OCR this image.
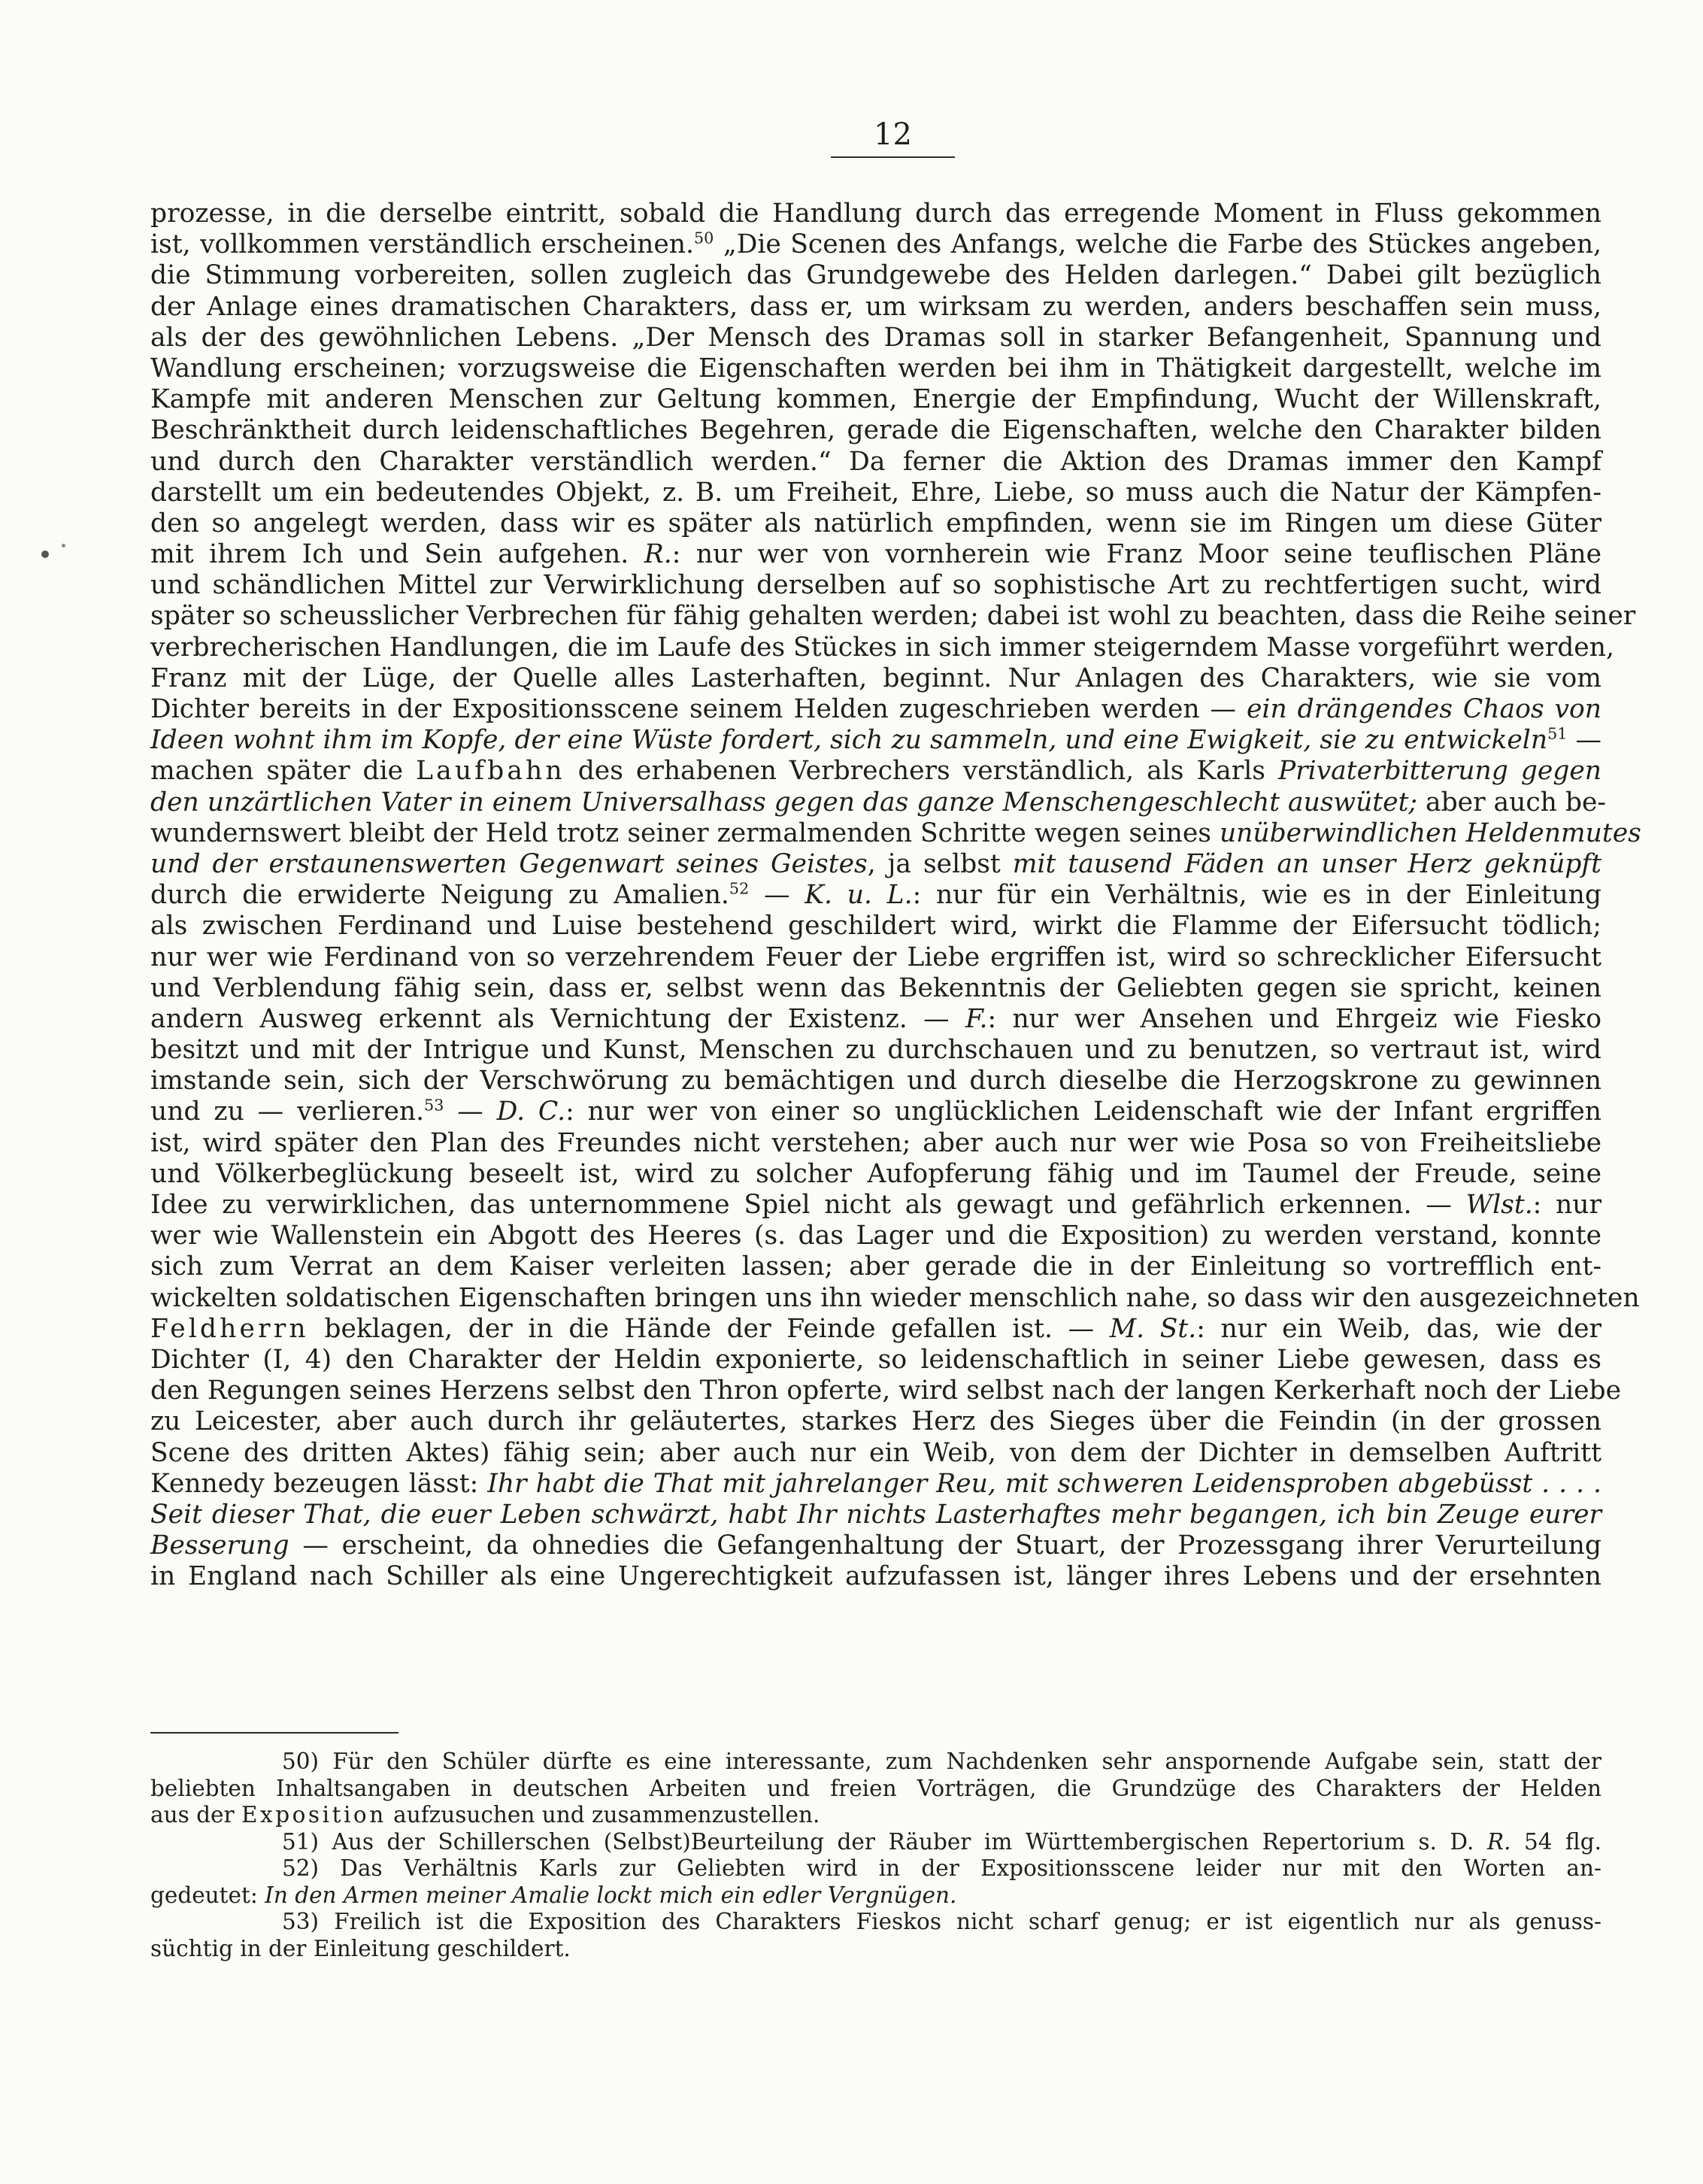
12
prozesse, in die derselbe eintritt, sobald die Handlung durch das erregende Moment in Fluss gekommen
ist, vollkommen verständlich erscheinen.$^{50}$ „Die Scenen des Anfangs, welche die Farbe des Stückes angeben,
die Stimmung vorbereiten, sollen zugleich das Grundgewebe des Helden darlegen.“ Dabei gilt bezüglich
der Anlage eines dramatischen Charakters, dass er, um wirksam zu werden, anders beschaffen sein muss,
als der des gewöhnlichen Lebens. „Der Mensch des Dramas soll in starker Befangenheit, Spannung und
Wandlung erscheinen; vorzugsweise die Eigenschaften werden bei ihm in Thätigkeit dargestellt, welche im
Kampfe mit anderen Menschen zur Geltung kommen, Energie der Empfindung, Wucht der Willenskraft,
Beschränktheit durch leidenschaftliches Begehren, gerade die Eigenschaften, welche den Charakter bilden
und durch den Charakter verständlich werden.“ Da ferner die Aktion des Dramas immer den Kampf
darstellt um ein bedeutendes Objekt, z. B. um Freiheit, Ehre, Liebe, so muss auch die Natur der Kämpfen-
den so angelegt werden, dass wir es später als natürlich empfinden, wenn sie im Ringen um diese Güter
mit ihrem Ich und Sein aufgehen. R.: nur wer von vornherein wie Franz Moor seine teuflischen Pläne
und schändlichen Mittel zur Verwirklichung derselben auf so sophistische Art zu rechtfertigen sucht, wird
später so scheusslicher Verbrechen für fähig gehalten werden; dabei ist wohl zu beachten, dass die Reihe seiner
verbrecherischen Handlungen, die im Laufe des Stückes in sich immer steigerndem Masse vorgeführt werden,
Franz mit der Lüge, der Quelle alles Lasterhaften, beginnt. Nur Anlagen des Charakters, wie sie vom
Dichter bereits in der Expositionsscene seinem Helden zugeschrieben werden — ein drängendes Chaos von
Ideen wohnt ihm im Kopfe, der eine Wüste fordert, sich zu sammeln, und eine Ewigkeit, sie zu entwickeln$^{51}$ —
machen später die Laufbahn des erhabenen Verbrechers verständlich, als Karls Privaterbitterung gegen
den unzärtlichen Vater in einem Universalhass gegen das ganze Menschengeschlecht auswütet; aber auch be-
wundernswert bleibt der Held trotz seiner zermalmenden Schritte wegen seines unüberwindlichen Heldenmutes
und der erstaunenswerten Gegenwart seines Geistes, ja selbst mit tausend Fäden an unser Herz geknüpft
durch die erwiderte Neigung zu Amalien.$^{52}$ — K. u. L.: nur für ein Verhältnis, wie es in der Einleitung
als zwischen Ferdinand und Luise bestehend geschildert wird, wirkt die Flamme der Eifersucht tödlich;
nur wer wie Ferdinand von so verzehrendem Feuer der Liebe ergriffen ist, wird so schrecklicher Eifersucht
und Verblendung fähig sein, dass er, selbst wenn das Bekenntnis der Geliebten gegen sie spricht, keinen
andern Ausweg erkennt als Vernichtung der Existenz. — F.: nur wer Ansehen und Ehrgeiz wie Fiesko
besitzt und mit der Intrigue und Kunst, Menschen zu durchschauen und zu benutzen, so vertraut ist, wird
imstande sein, sich der Verschwörung zu bemächtigen und durch dieselbe die Herzogskrone zu gewinnen
und zu — verlieren.$^{53}$ — D. C.: nur wer von einer so unglücklichen Leidenschaft wie der Infant ergriffen
ist, wird später den Plan des Freundes nicht verstehen; aber auch nur wer wie Posa so von Freiheitsliebe
und Völkerbeglückung beseelt ist, wird zu solcher Aufopferung fähig und im Taumel der Freude, seine
Idee zu verwirklichen, das unternommene Spiel nicht als gewagt und gefährlich erkennen. — Wlst.: nur
wer wie Wallenstein ein Abgott des Heeres (s. das Lager und die Exposition) zu werden verstand, konnte
sich zum Verrat an dem Kaiser verleiten lassen; aber gerade die in der Einleitung so vortrefflich ent-
wickelten soldatischen Eigenschaften bringen uns ihn wieder menschlich nahe, so dass wir den ausgezeichneten
Feldherrn beklagen, der in die Hände der Feinde gefallen ist. — M. St.: nur ein Weib, das, wie der
Dichter (I, 4) den Charakter der Heldin exponierte, so leidenschaftlich in seiner Liebe gewesen, dass es
den Regungen seines Herzens selbst den Thron opferte, wird selbst nach der langen Kerkerhaft noch der Liebe
zu Leicester, aber auch durch ihr geläutertes, starkes Herz des Sieges über die Feindin (in der grossen
Scene des dritten Aktes) fähig sein; aber auch nur ein Weib, von dem der Dichter in demselben Auftritt
Kennedy bezeugen lässt: Ihr habt die That mit jahrelanger Reu, mit schweren Leidensproben abgebüsst . . . .
Seit dieser That, die euer Leben schwärzt, habt Ihr nichts Lasterhaftes mehr begangen, ich bin Zeuge eurer
Besserung — erscheint, da ohnedies die Gefangenhaltung der Stuart, der Prozessgang ihrer Verurteilung
in England nach Schiller als eine Ungerechtigkeit aufzufassen ist, länger ihres Lebens und der ersehnten
50) Für den Schüler dürfte es eine interessante, zum Nachdenken sehr anspornende Aufgabe sein, statt der
beliebten Inhaltsangaben in deutschen Arbeiten und freien Vorträgen, die Grundzüge des Charakters der Helden
aus der Exposition aufzusuchen und zusammenzustellen.
51) Aus der Schillerschen (Selbst)Beurteilung der Räuber im Württembergischen Repertorium s. D. R. 54 flg.
52) Das Verhältnis Karls zur Geliebten wird in der Expositionsscene leider nur mit den Worten an-
gedeutet: In den Armen meiner Amalie lockt mich ein edler Vergnügen.
53) Freilich ist die Exposition des Charakters Fieskos nicht scharf genug; er ist eigentlich nur als genuss-
süchtig in der Einleitung geschildert.
